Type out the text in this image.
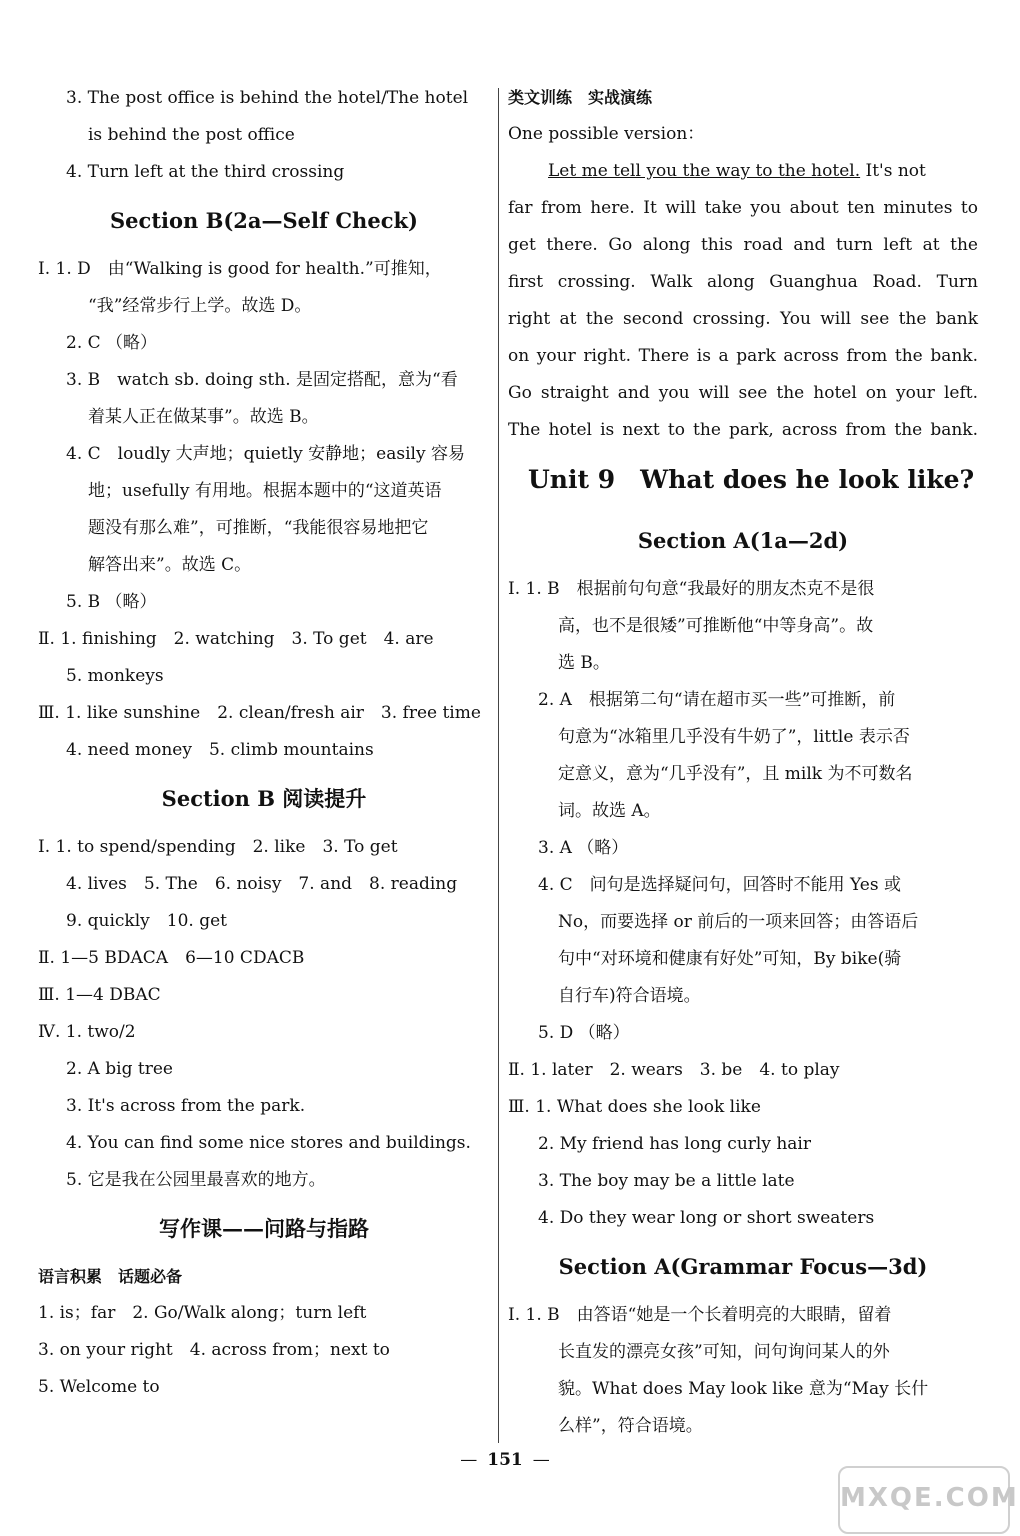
3. The post office is behind the hotel/The hotel
is behind the post office
4. Turn left at the third crossing
Section B(2a—Self Check)
Ⅰ. 1. D　由“Walking is good for health.”可推知，
“我”经常步行上学。故选 D。
2. C （略）
3. B　watch sb. doing sth. 是固定搭配，意为“看
着某人正在做某事”。故选 B。
4. C　loudly 大声地；quietly 安静地；easily 容易
地；usefully 有用地。根据本题中的“这道英语
题没有那么难”，可推断，“我能很容易地把它
解答出来”。故选 C。
5. B （略）
Ⅱ. 1. finishing　2. watching　3. To get　4. are
5. monkeys
Ⅲ. 1. like sunshine　2. clean/fresh air　3. free time
4. need money　5. climb mountains
Section B 阅读提升
Ⅰ. 1. to spend/spending　2. like　3. To get
4. lives　5. The　6. noisy　7. and　8. reading
9. quickly　10. get
Ⅱ. 1—5 BDACA　6—10 CDACB
Ⅲ. 1—4 DBAC
Ⅳ. 1. two/2
2. A big tree
3. It's across from the park.
4. You can find some nice stores and buildings.
5. 它是我在公园里最喜欢的地方。
写作课——问路与指路
语言积累　话题必备
1. is；far　2. Go/Walk along；turn left
3. on your right　4. across from；next to
5. Welcome to
类文训练　实战演练
One possible version：
Let me tell you the way to the hotel. It's not
far from here. It will take you about ten minutes to
get there. Go along this road and turn left at the
first crossing. Walk along Guanghua Road. Turn
right at the second crossing. You will see the bank
on your right. There is a park across from the bank.
Go straight and you will see the hotel on your left.
The hotel is next to the park, across from the bank.
Unit 9　What does he look like?
Section A(1a—2d)
Ⅰ. 1. B　根据前句句意“我最好的朋友杰克不是很
高，也不是很矮”可推断他“中等身高”。故
选 B。
2. A　根据第二句“请在超市买一些”可推断，前
句意为“冰箱里几乎没有牛奶了”，little 表示否
定意义，意为“几乎没有”，且 milk 为不可数名
词。故选 A。
3. A （略）
4. C　问句是选择疑问句，回答时不能用 Yes 或
No，而要选择 or 前后的一项来回答；由答语后
句中“对环境和健康有好处”可知，By bike(骑
自行车)符合语境。
5. D （略）
Ⅱ. 1. later　2. wears　3. be　4. to play
Ⅲ. 1. What does she look like
2. My friend has long curly hair
3. The boy may be a little late
4. Do they wear long or short sweaters
Section A(Grammar Focus—3d)
Ⅰ. 1. B　由答语“她是一个长着明亮的大眼睛，留着
长直发的漂亮女孩”可知，问句询问某人的外
貌。What does May look like 意为“May 长什
么样”，符合语境。
— 151 —
MXQE.COM
